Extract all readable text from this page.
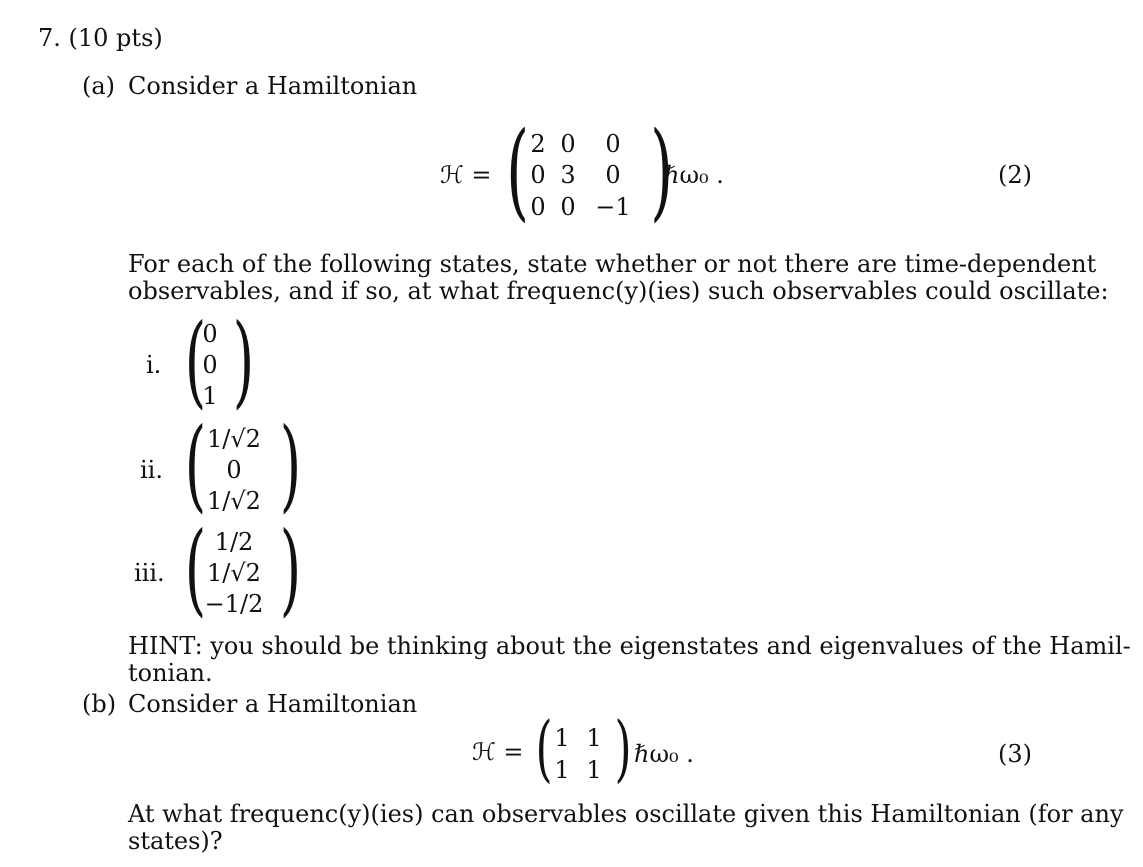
7. (10 pts)
(a) Consider a Hamiltonian
ℋ = ( 2 0	0
0 3	0
0 0 −1 )
ℏω₀ .	(2)
For each of the following states, state whether or not there are time-dependent
observables, and if so, at what frequenc(y)(ies) such observables could oscillate:
i. (
0
0
1 )
ii. ( 1/√2
0
1/√2 )
iii. ( 1/2
1/√2
−1/2 )
HINT: you should be thinking about the eigenstates and eigenvalues of the Hamil-
tonian.
(b) Consider a Hamiltonian
ℋ = ( 1 1
1 1 ) ℏω₀ .	(3)
At what frequenc(y)(ies) can observables oscillate given this Hamiltonian (for any
states)?
